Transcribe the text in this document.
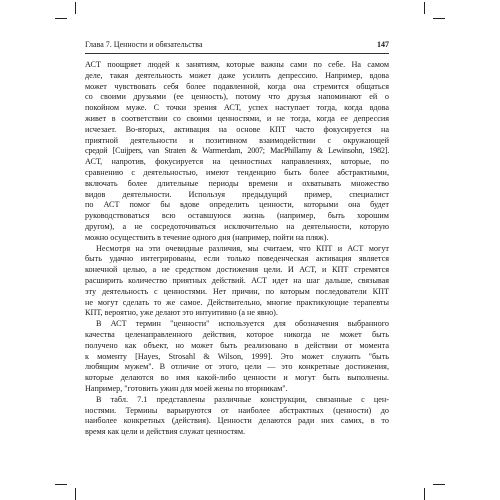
Глава 7. Ценности и обязательства	147

АСТ поощряет людей к занятиям, которые важны сами по себе. На самом
деле, такая деятельность может даже усилить депрессию. Например, вдова
может чувствовать себя более подавленной, когда она стремится общаться
со своими друзьями (ее ценность), потому что друзья напоминают ей о
покойном муже. С точки зрения АСТ, успех наступает тогда, когда вдова
живет в соответствии со своими ценностями, и не тогда, когда ее депрессия
исчезает. Во-вторых, активация на основе КПТ часто фокусируется на
приятной деятельности и позитивном взаимодействии с окружающей
средой [Cuijpers, van Straten & Warmerdam, 2007; MacPhillamy & Lewinsohn, 1982].
АСТ, напротив, фокусируется на ценностных направлениях, которые, по
сравнению с деятельностью, имеют тенденцию быть более абстрактными,
включать более длительные периоды времени и охватывать множество
видов деятельности. Используя предыдущий пример, специалист
по АСТ помог бы вдове определить ценности, которыми она будет
руководствоваться всю оставшуюся жизнь (например, быть хорошим
другом), а не сосредоточиваться исключительно на деятельности, которую
можно осуществить в течение одного дня (например, пойти на пляж).

Несмотря на эти очевидные различия, мы считаем, что КПТ и АСТ могут
быть удачно интегрированы, если только поведенческая активация является
конечной целью, а не средством достижения цели. И АСТ, и КПТ стремятся
расширить количество приятных действий. АСТ идет на шаг дальше, связывая
эту деятельность с ценностями. Нет причин, по которым последователи КПТ
не могут сделать то же самое. Действительно, многие практикующие терапевты
КПТ, вероятно, уже делают это интуитивно (а не явно).

В АСТ термин "ценности" используется для обозначения выбранного
качества целенаправленного действия, которое никогда не может быть
получено как объект, но может быть реализовано в действии от момента
к моменту [Hayes, Strosahl & Wilson, 1999]. Это может служить "быть
любящим мужем". В отличие от этого, цели — это конкретные достижения,
которые делаются во имя какой-либо ценности и могут быть выполнены.
Например, "готовить ужин для моей жены по вторникам".

В табл. 7.1 представлены различные конструкции, связанные с цен-
ностями. Термины варьируются от наиболее абстрактных (ценности) до
наиболее конкретных (действия). Ценности делаются ради них самих, в то
время как цели и действия служат ценностям.
